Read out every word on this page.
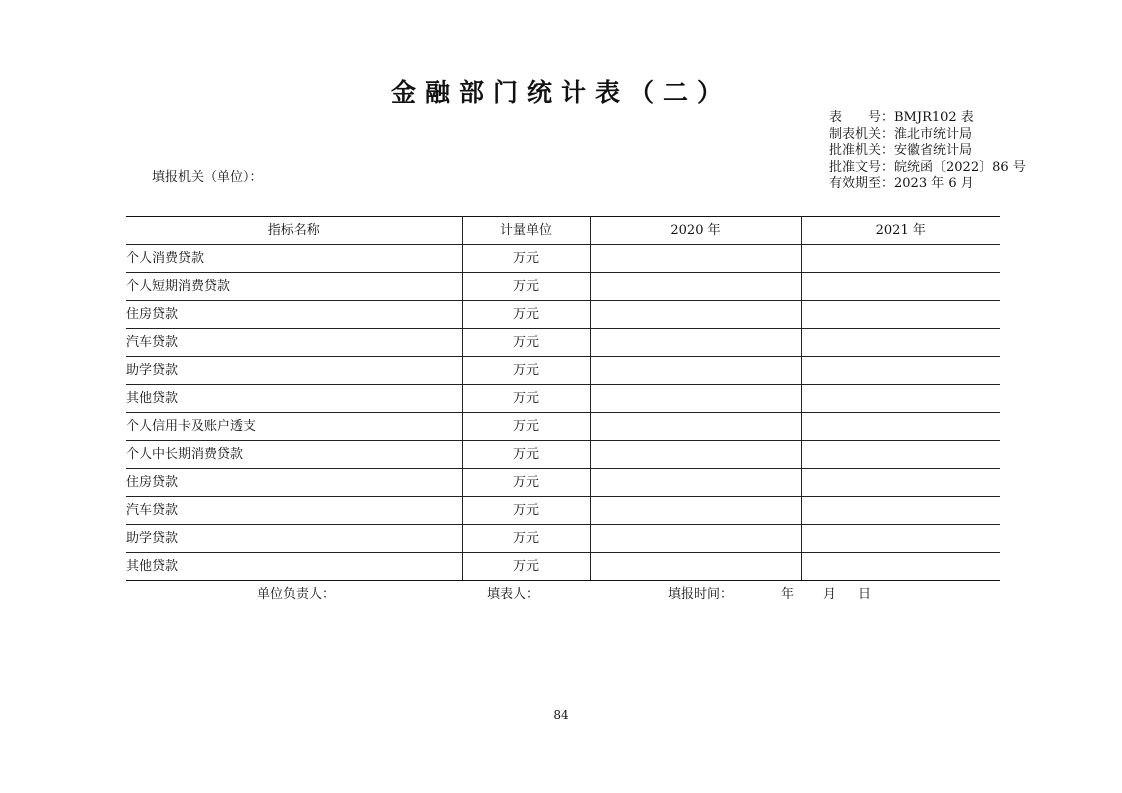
金融部门统计表（二）
表　　号：BMJR102 表
制表机关：淮北市统计局
批准机关：安徽省统计局
批准文号：皖统函〔2022〕86 号
有效期至：2023 年 6 月
填报机关（单位）：
指标名称	计量单位	2020 年	2021 年
个人消费贷款	万元		
个人短期消费贷款	万元		
住房贷款	万元		
汽车贷款	万元		
助学贷款	万元		
其他贷款	万元		
个人信用卡及账户透支	万元		
个人中长期消费贷款	万元		
住房贷款	万元		
汽车贷款	万元		
助学贷款	万元		
其他贷款	万元		
单位负责人：	填表人：	填报时间：	年 月 日
84
